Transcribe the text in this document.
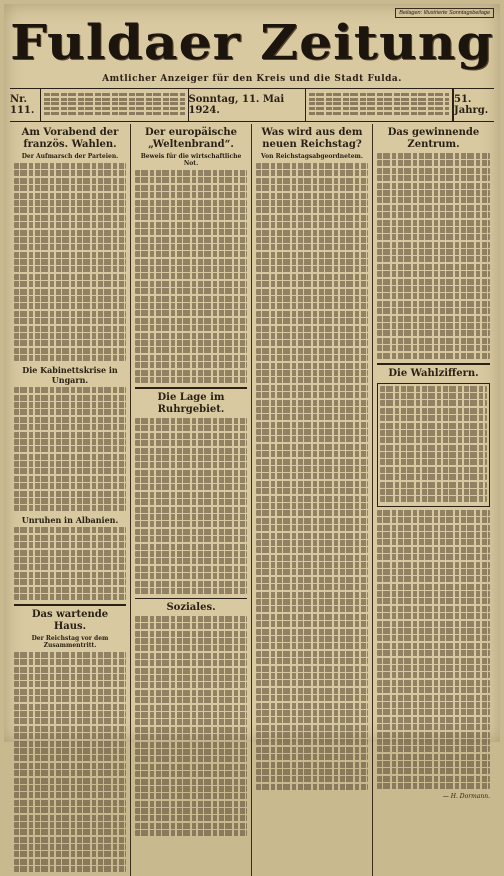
Beilagen: Illustrierte Sonntagsbeilage
Fuldaer Zeitung
Amtlicher Anzeiger für den Kreis und die Stadt Fulda.
Nr. 111.
Sonntag, 11. Mai 1924.
51. Jahrg.
Am Vorabend der französ. Wahlen.
Der Aufmarsch der Parteien.
Die Kabinettskrise in Ungarn.
Unruhen in Albanien.
Das wartende Haus.
Der Reichstag vor dem Zusammentritt.
Der europäische „Weltenbrand“.
Beweis für die wirtschaftliche Not.
Die Lage im Ruhrgebiet.
Soziales.
Was wird aus dem neuen Reichstag?
Von Reichstagsabgeordnetem.
Das gewinnende Zentrum.
Die Wahlziffern.
— H. Dormann.
